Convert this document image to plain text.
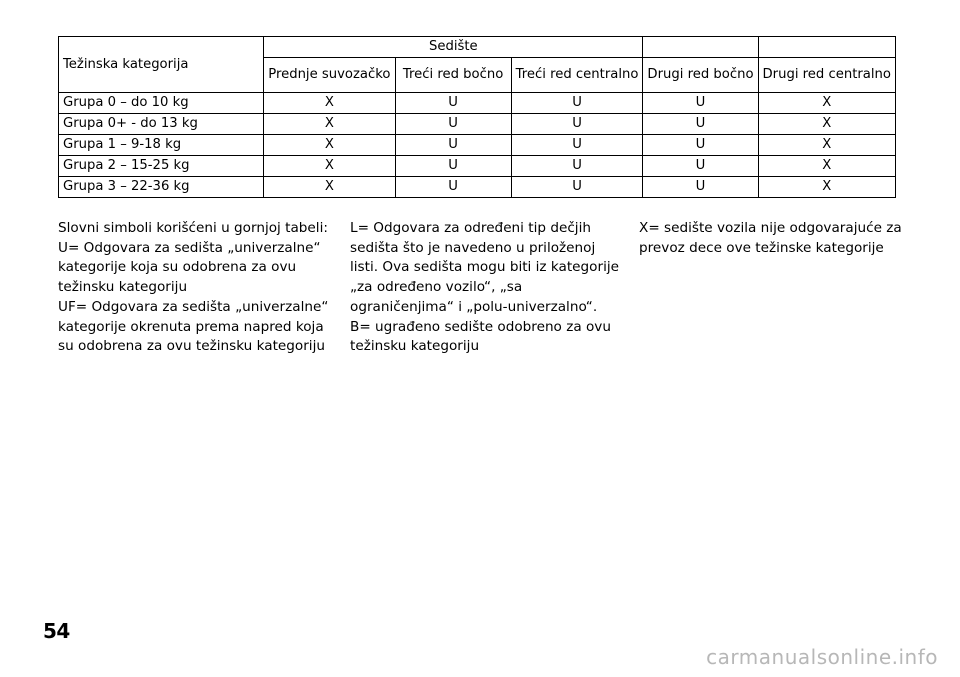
Težinska kategorija	Sedište				
	Prednje suvozačko	Treći red bočno	Treći red centralno	Drugi red bočno	Drugi red centralno
Grupa 0 – do 10 kg	X	U	U	U	X
Grupa 0+ - do 13 kg	X	U	U	U	X
Grupa 1 – 9-18 kg	X	U	U	U	X
Grupa 2 – 15-25 kg	X	U	U	U	X
Grupa 3 – 22-36 kg	X	U	U	U	X
Slovni simboli korišćeni u gornjoj tabeli:
U= Odgovara za sedišta „univerzalne“
kategorije koja su odobrena za ovu
težinsku kategoriju
UF= Odgovara za sedišta „univerzalne“
kategorije okrenuta prema napred koja
su odobrena za ovu težinsku kategoriju
L= Odgovara za određeni tip dečjih
sedišta što je navedeno u priloženoj
listi. Ova sedišta mogu biti iz kategorije
„za određeno vozilo“, „sa
ograničenjima“ i „polu-univerzalno“.
B= ugrađeno sedište odobreno za ovu
težinsku kategoriju
X= sedište vozila nije odgovarajuće za
prevoz dece ove težinske kategorije
54
carmanualsonline.info
